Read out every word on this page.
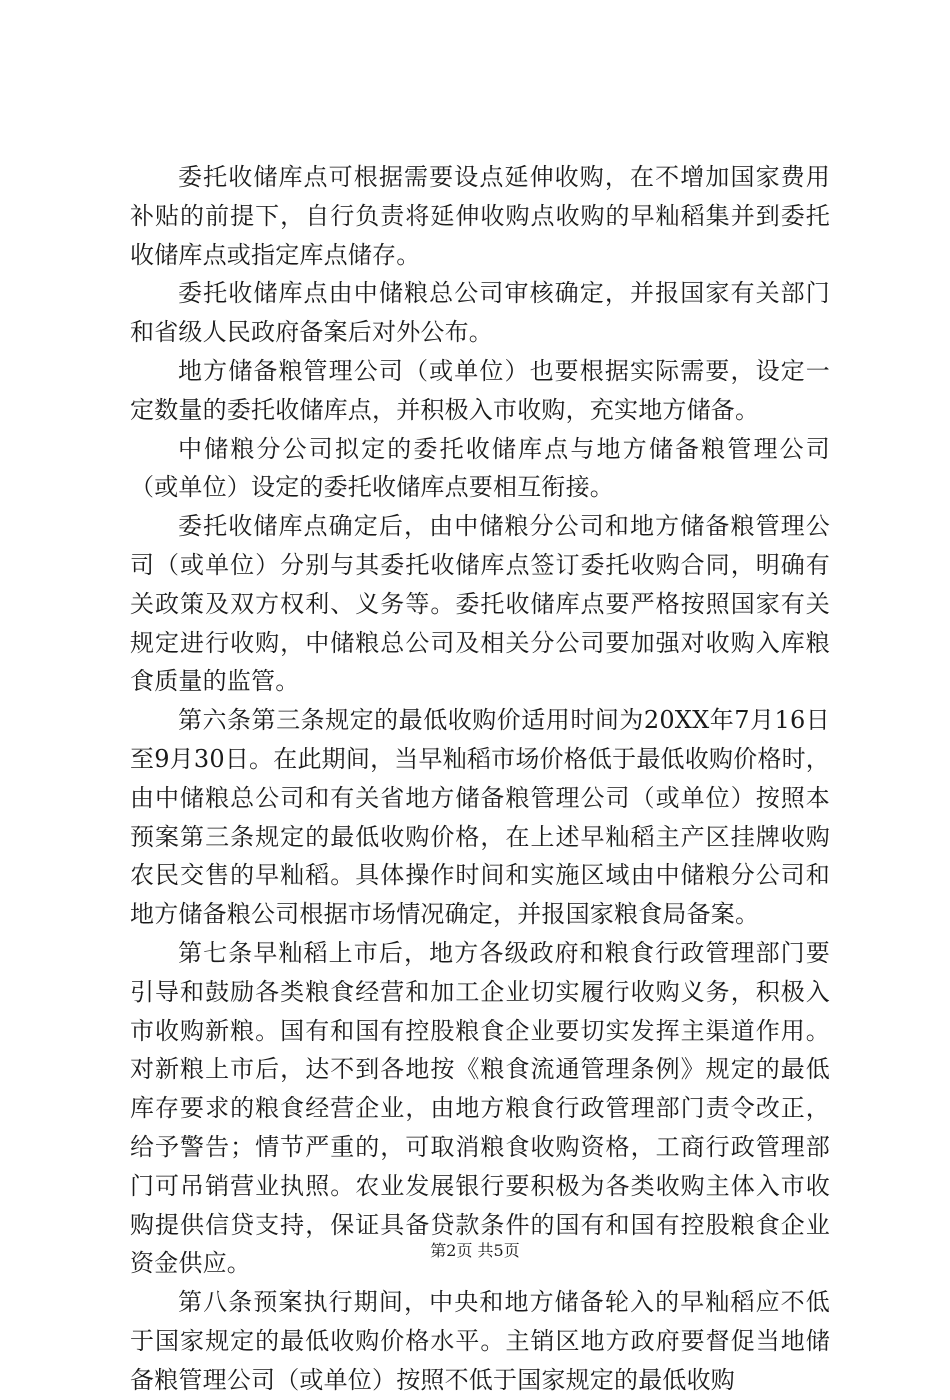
委托收储库点可根据需要设点延伸收购，在不增加国家费用补贴的前提下，自行负责将延伸收购点收购的早籼稻集并到委托收储库点或指定库点储存。

委托收储库点由中储粮总公司审核确定，并报国家有关部门和省级人民政府备案后对外公布。

地方储备粮管理公司（或单位）也要根据实际需要，设定一定数量的委托收储库点，并积极入市收购，充实地方储备。

中储粮分公司拟定的委托收储库点与地方储备粮管理公司（或单位）设定的委托收储库点要相互衔接。

委托收储库点确定后，由中储粮分公司和地方储备粮管理公司（或单位）分别与其委托收储库点签订委托收购合同，明确有关政策及双方权利、义务等。委托收储库点要严格按照国家有关规定进行收购，中储粮总公司及相关分公司要加强对收购入库粮食质量的监管。

第六条第三条规定的最低收购价适用时间为20XX年7月16日至9月30日。在此期间，当早籼稻市场价格低于最低收购价格时，由中储粮总公司和有关省地方储备粮管理公司（或单位）按照本预案第三条规定的最低收购价格，在上述早籼稻主产区挂牌收购农民交售的早籼稻。具体操作时间和实施区域由中储粮分公司和地方储备粮公司根据市场情况确定，并报国家粮食局备案。

第七条早籼稻上市后，地方各级政府和粮食行政管理部门要引导和鼓励各类粮食经营和加工企业切实履行收购义务，积极入市收购新粮。国有和国有控股粮食企业要切实发挥主渠道作用。对新粮上市后，达不到各地按《粮食流通管理条例》规定的最低库存要求的粮食经营企业，由地方粮食行政管理部门责令改正，给予警告；情节严重的，可取消粮食收购资格，工商行政管理部门可吊销营业执照。农业发展银行要积极为各类收购主体入市收购提供信贷支持，保证具备贷款条件的国有和国有控股粮食企业资金供应。

第八条预案执行期间，中央和地方储备轮入的早籼稻应不低于国家规定的最低收购价格水平。主销区地方政府要督促当地储备粮管理公司（或单位）按照不低于国家规定的最低收购

第2页 共5页
